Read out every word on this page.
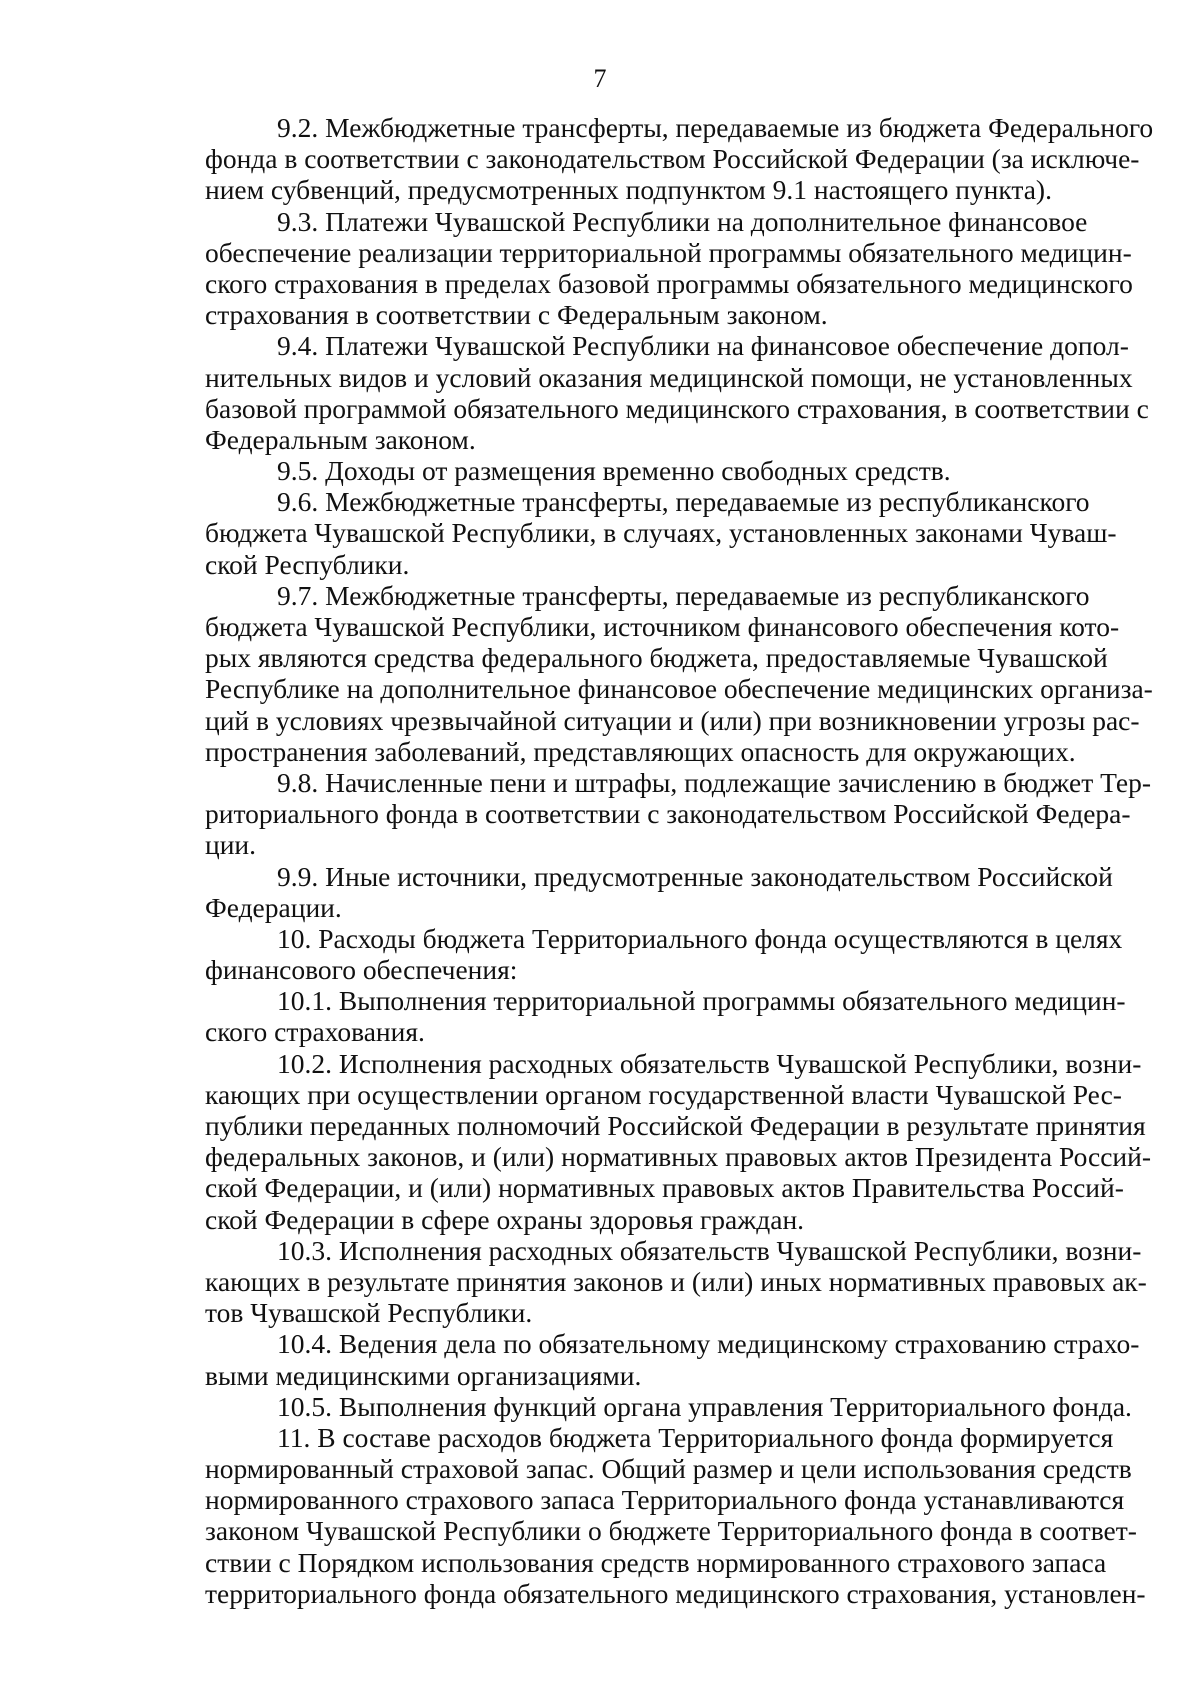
7
9.2. Межбюджетные трансферты, передаваемые из бюджета Федерального
фонда в соответствии с законодательством Российской Федерации (за исключе-
нием субвенций, предусмотренных подпунктом 9.1 настоящего пункта).
9.3. Платежи Чувашской Республики на дополнительное финансовое
обеспечение реализации территориальной программы обязательного медицин-
ского страхования в пределах базовой программы обязательного медицинского
страхования в соответствии с Федеральным законом.
9.4. Платежи Чувашской Республики на финансовое обеспечение допол-
нительных видов и условий оказания медицинской помощи, не установленных
базовой программой обязательного медицинского страхования, в соответствии с
Федеральным законом.
9.5. Доходы от размещения временно свободных средств.
9.6. Межбюджетные трансферты, передаваемые из республиканского
бюджета Чувашской Республики, в случаях, установленных законами Чуваш-
ской Республики.
9.7. Межбюджетные трансферты, передаваемые из республиканского
бюджета Чувашской Республики, источником финансового обеспечения кото-
рых являются средства федерального бюджета, предоставляемые Чувашской
Республике на дополнительное финансовое обеспечение медицинских организа-
ций в условиях чрезвычайной ситуации и (или) при возникновении угрозы рас-
пространения заболеваний, представляющих опасность для окружающих.
9.8. Начисленные пени и штрафы, подлежащие зачислению в бюджет Тер-
риториального фонда в соответствии с законодательством Российской Федера-
ции.
9.9. Иные источники, предусмотренные законодательством Российской
Федерации.
10. Расходы бюджета Территориального фонда осуществляются в целях
финансового обеспечения:
10.1. Выполнения территориальной программы обязательного медицин-
ского страхования.
10.2. Исполнения расходных обязательств Чувашской Республики, возни-
кающих при осуществлении органом государственной власти Чувашской Рес-
публики переданных полномочий Российской Федерации в результате принятия
федеральных законов, и (или) нормативных правовых актов Президента Россий-
ской Федерации, и (или) нормативных правовых актов Правительства Россий-
ской Федерации в сфере охраны здоровья граждан.
10.3. Исполнения расходных обязательств Чувашской Республики, возни-
кающих в результате принятия законов и (или) иных нормативных правовых ак-
тов Чувашской Республики.
10.4. Ведения дела по обязательному медицинскому страхованию страхо-
выми медицинскими организациями.
10.5. Выполнения функций органа управления Территориального фонда.
11. В составе расходов бюджета Территориального фонда формируется
нормированный страховой запас. Общий размер и цели использования средств
нормированного страхового запаса Территориального фонда устанавливаются
законом Чувашской Республики о бюджете Территориального фонда в соответ-
ствии с Порядком использования средств нормированного страхового запаса
территориального фонда обязательного медицинского страхования, установлен-
